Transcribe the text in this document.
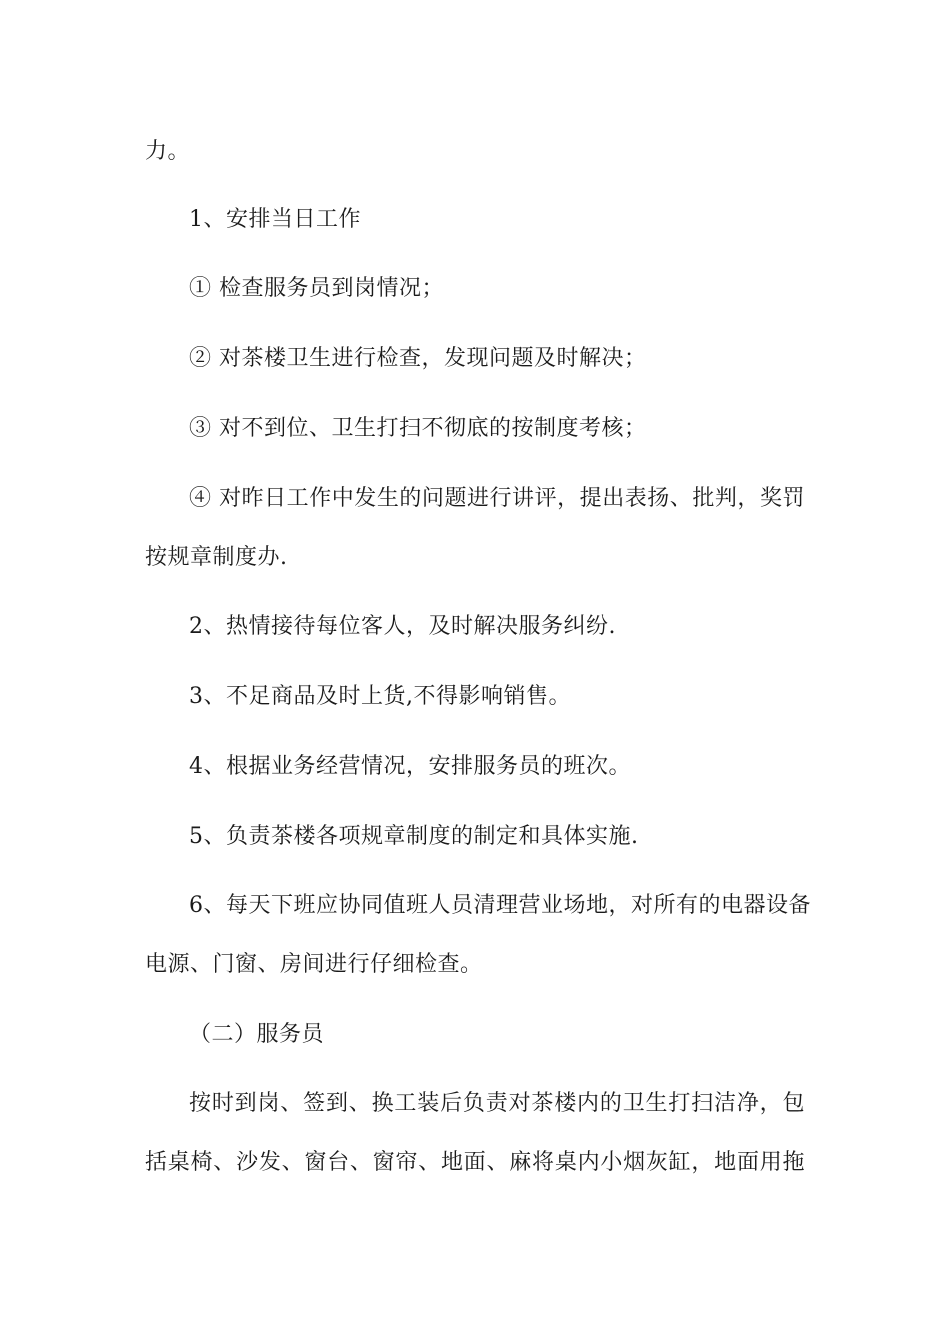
力。
1、安排当日工作
① 检查服务员到岗情况；
② 对茶楼卫生进行检查，发现问题及时解决；
③ 对不到位、卫生打扫不彻底的按制度考核；
④ 对昨日工作中发生的问题进行讲评，提出表扬、批判，奖罚
按规章制度办.
2、热情接待每位客人，及时解决服务纠纷.
3、不足商品及时上货,不得影响销售。
4、根据业务经营情况，安排服务员的班次。
5、负责茶楼各项规章制度的制定和具体实施.
6、每天下班应协同值班人员清理营业场地，对所有的电器设备
电源、门窗、房间进行仔细检查。
（二）服务员
按时到岗、签到、换工装后负责对茶楼内的卫生打扫洁净，包
括桌椅、沙发、窗台、窗帘、地面、麻将桌内小烟灰缸，地面用拖
